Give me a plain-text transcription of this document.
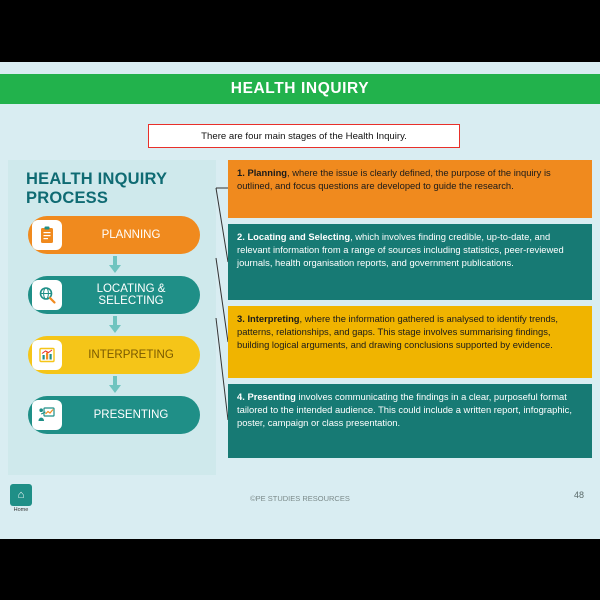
HEALTH INQUIRY
There are four main stages of the Health Inquiry.
HEALTH INQUIRY PROCESS
PLANNING
LOCATING & SELECTING
INTERPRETING
PRESENTING
1. Planning, where the issue is clearly defined, the purpose of the inquiry is outlined, and focus questions are developed to guide the research.
2. Locating and Selecting, which involves finding credible, up-to-date, and relevant information from a range of sources including statistics, peer-reviewed journals, health organisation reports, and government publications.
3. Interpreting, where the information gathered is analysed to identify trends, patterns, relationships, and gaps. This stage involves summarising findings, building logical arguments, and drawing conclusions supported by evidence.
4. Presenting involves communicating the findings in a clear, purposeful format tailored to the intended audience. This could include a written report, infographic, poster, campaign or class presentation.
⌂
Home
©PE STUDIES RESOURCES	48
